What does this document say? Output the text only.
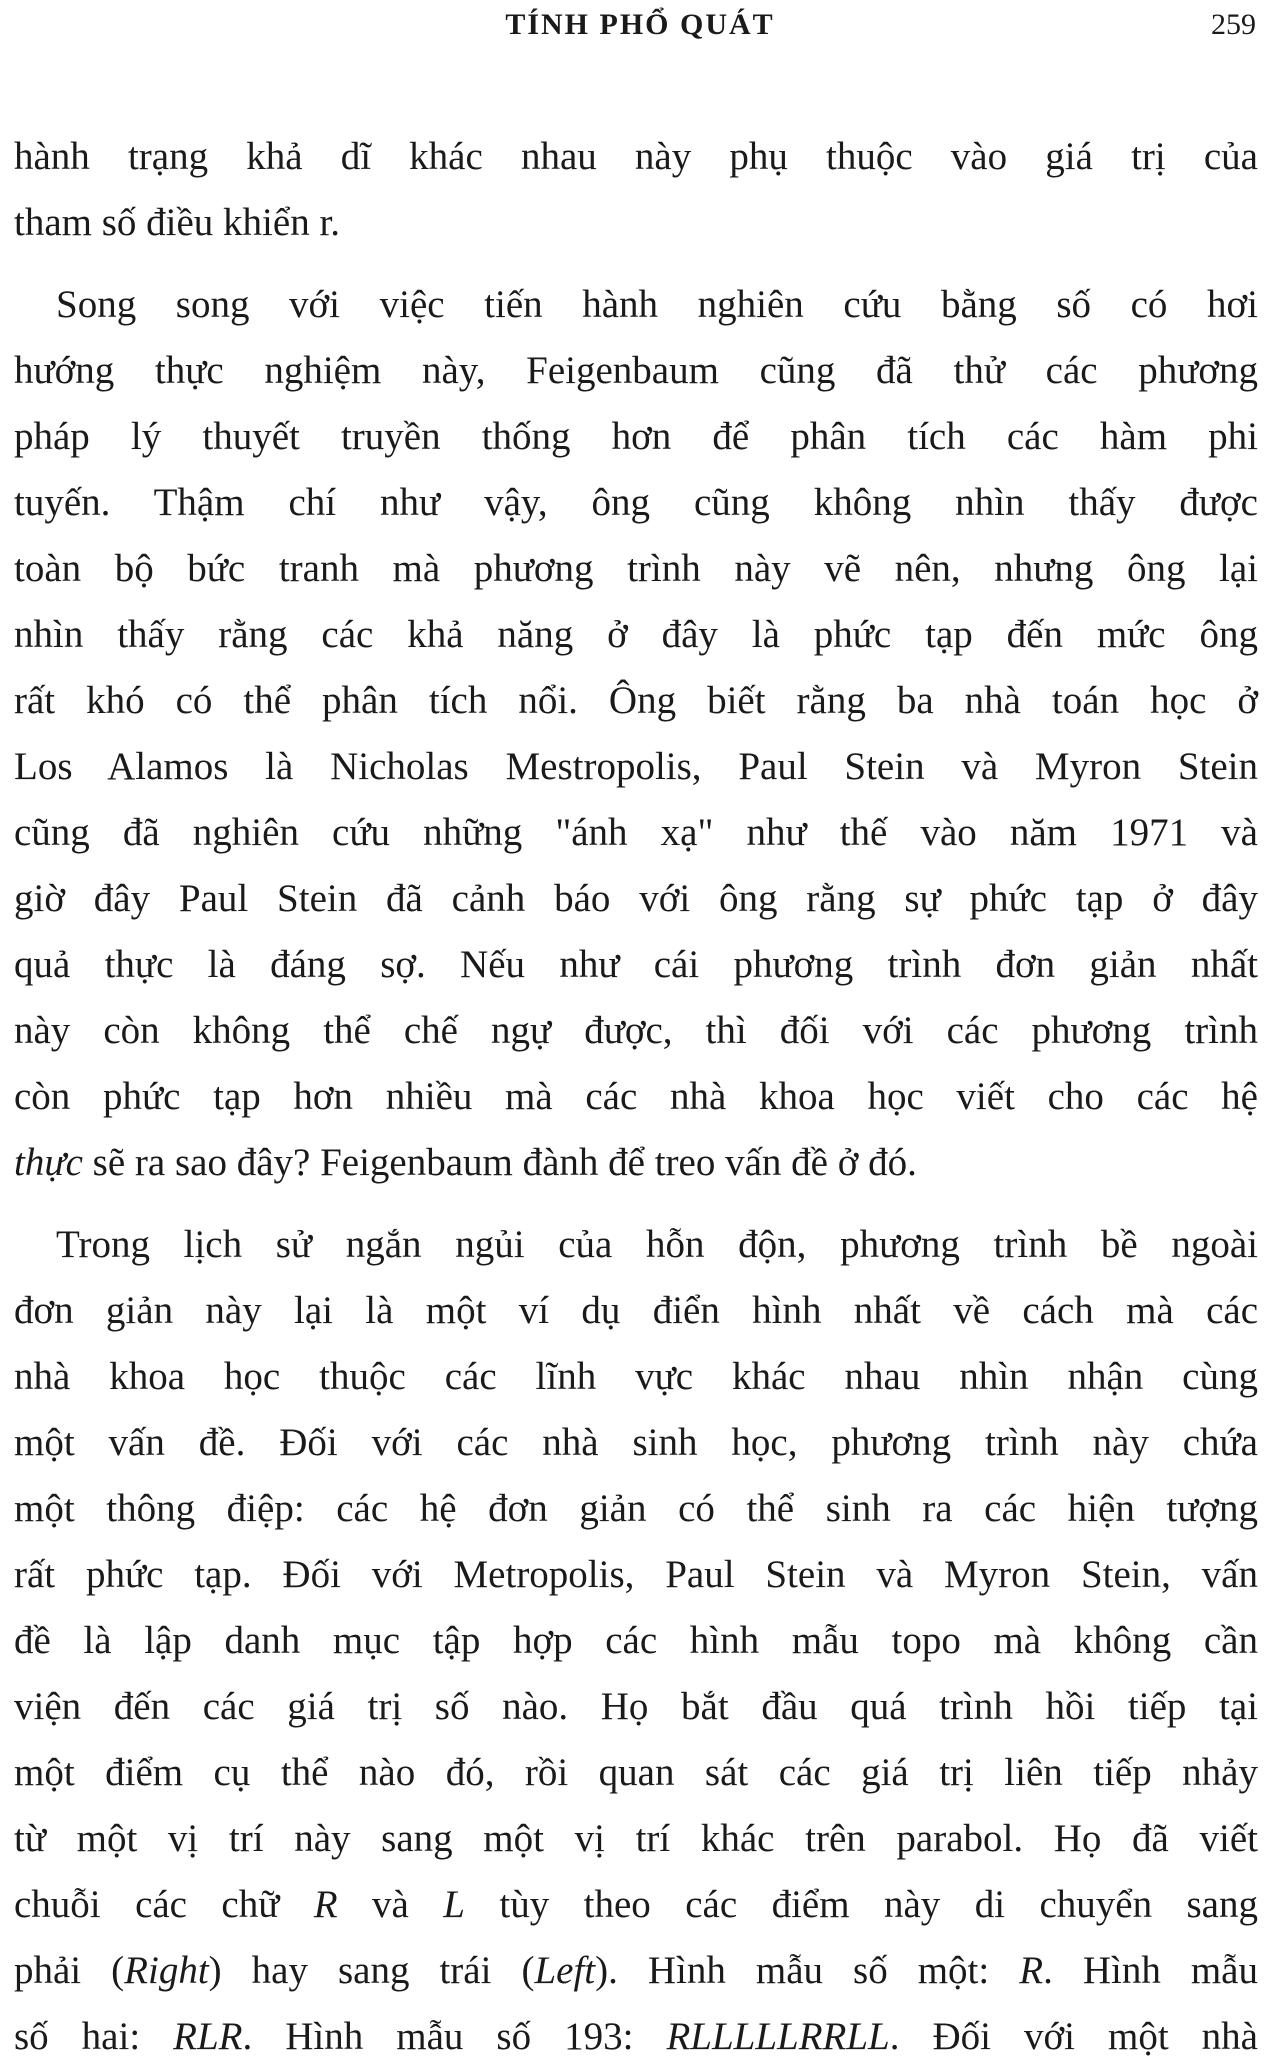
TÍNH PHỔ QUÁT	259
hành trạng khả dĩ khác nhau này phụ thuộc vào giá trị của
tham số điều khiển r.
Song song với việc tiến hành nghiên cứu bằng số có hơi
hướng thực nghiệm này, Feigenbaum cũng đã thử các phương
pháp lý thuyết truyền thống hơn để phân tích các hàm phi
tuyến. Thậm chí như vậy, ông cũng không nhìn thấy được
toàn bộ bức tranh mà phương trình này vẽ nên, nhưng ông lại
nhìn thấy rằng các khả năng ở đây là phức tạp đến mức ông
rất khó có thể phân tích nổi. Ông biết rằng ba nhà toán học ở
Los Alamos là Nicholas Mestropolis, Paul Stein và Myron Stein
cũng đã nghiên cứu những "ánh xạ" như thế vào năm 1971 và
giờ đây Paul Stein đã cảnh báo với ông rằng sự phức tạp ở đây
quả thực là đáng sợ. Nếu như cái phương trình đơn giản nhất
này còn không thể chế ngự được, thì đối với các phương trình
còn phức tạp hơn nhiều mà các nhà khoa học viết cho các hệ
thực sẽ ra sao đây? Feigenbaum đành để treo vấn đề ở đó.
Trong lịch sử ngắn ngủi của hỗn độn, phương trình bề ngoài
đơn giản này lại là một ví dụ điển hình nhất về cách mà các
nhà khoa học thuộc các lĩnh vực khác nhau nhìn nhận cùng
một vấn đề. Đối với các nhà sinh học, phương trình này chứa
một thông điệp: các hệ đơn giản có thể sinh ra các hiện tượng
rất phức tạp. Đối với Metropolis, Paul Stein và Myron Stein, vấn
đề là lập danh mục tập hợp các hình mẫu topo mà không cần
viện đến các giá trị số nào. Họ bắt đầu quá trình hồi tiếp tại
một điểm cụ thể nào đó, rồi quan sát các giá trị liên tiếp nhảy
từ một vị trí này sang một vị trí khác trên parabol. Họ đã viết
chuỗi các chữ R và L tùy theo các điểm này di chuyển sang
phải (Right) hay sang trái (Left). Hình mẫu số một: R. Hình mẫu
số hai: RLR. Hình mẫu số 193: RLLLLLRRLL. Đối với một nhà
